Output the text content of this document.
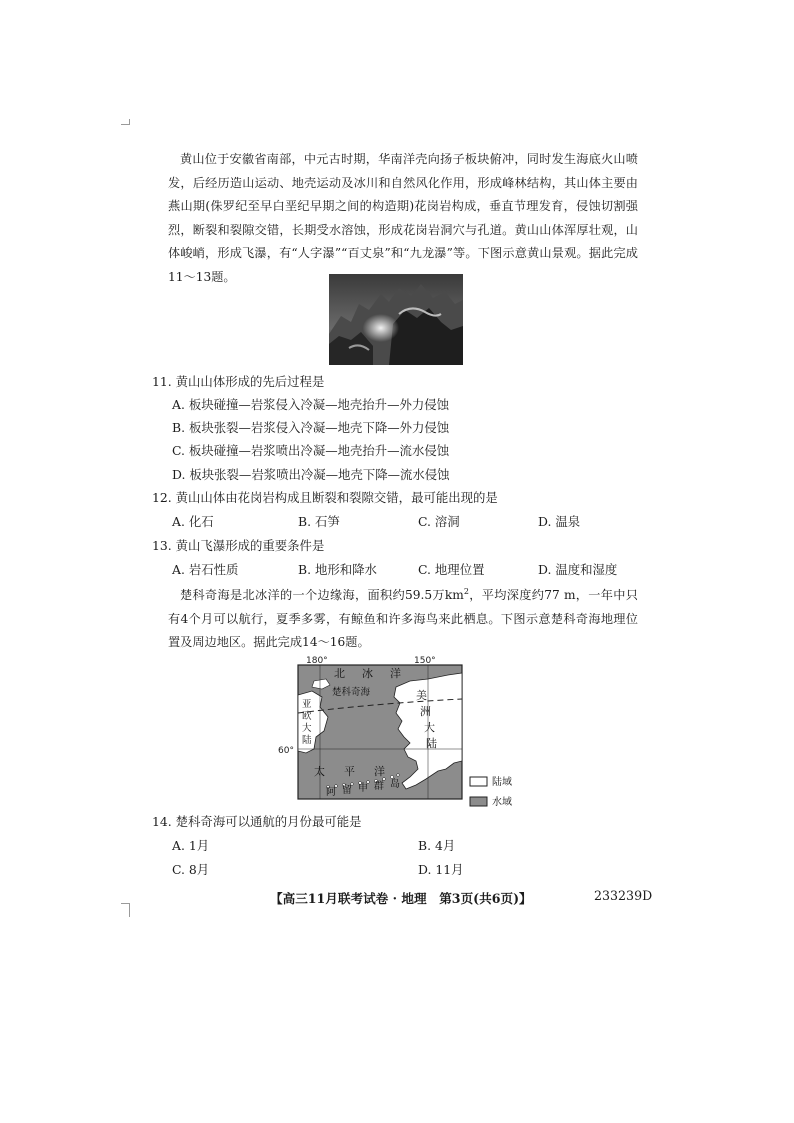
黄山位于安徽省南部，中元古时期，华南洋壳向扬子板块俯冲，同时发生海底火山喷发，后经历造山运动、地壳运动及冰川和自然风化作用，形成峰林结构，其山体主要由燕山期(侏罗纪至早白垩纪早期之间的构造期)花岗岩构成，垂直节理发育，侵蚀切割强烈，断裂和裂隙交错，长期受水溶蚀，形成花岗岩洞穴与孔道。黄山山体浑厚壮观，山体峻峭，形成飞瀑，有“人字瀑”“百丈泉”和“九龙瀑”等。下图示意黄山景观。据此完成11～13题。
11. 黄山山体形成的先后过程是
A. 板块碰撞—岩浆侵入冷凝—地壳抬升—外力侵蚀
B. 板块张裂—岩浆侵入冷凝—地壳下降—外力侵蚀
C. 板块碰撞—岩浆喷出冷凝—地壳抬升—流水侵蚀
D. 板块张裂—岩浆喷出冷凝—地壳下降—流水侵蚀
12. 黄山山体由花岗岩构成且断裂和裂隙交错，最可能出现的是
A. 化石	B. 石笋	C. 溶洞	D. 温泉
13. 黄山飞瀑形成的重要条件是
A. 岩石性质	B. 地形和降水	C. 地理位置	D. 温度和湿度
楚科奇海是北冰洋的一个边缘海，面积约59.5万$km^2$，平均深度约77 m，一年中只有4个月可以航行，夏季多雾，有鲸鱼和许多海鸟来此栖息。下图示意楚科奇海地理位置及周边地区。据此完成14～16题。
180°	150°
60°
北 冰 洋
楚科奇海
亚
欧
大
陆
美
洲
大
陆
太 平 洋
阿 留 申 群 岛	陆域
水域
14. 楚科奇海可以通航的月份最可能是
A. 1月	B. 4月
C. 8月	D. 11月
【高三11月联考试卷 · 地理　第3页(共6页)】	233239D
